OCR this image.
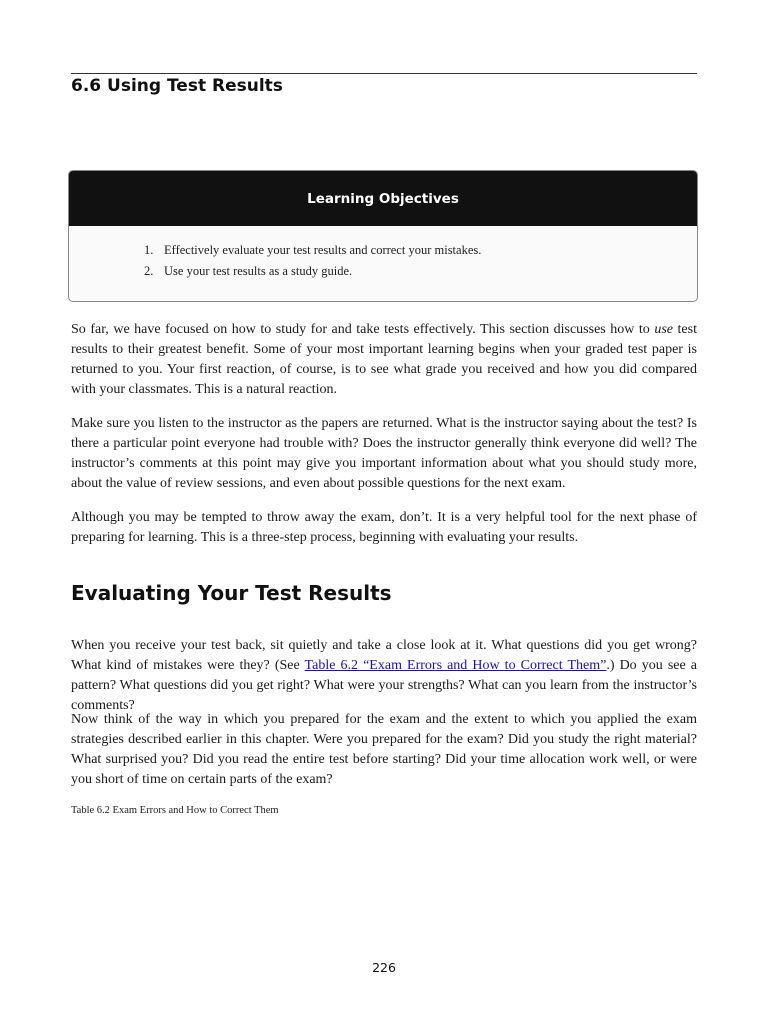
6.6 Using Test Results
Learning Objectives
1. Effectively evaluate your test results and correct your mistakes.
2. Use your test results as a study guide.

So far, we have focused on how to study for and take tests effectively. This section discusses how to use test results to their greatest benefit. Some of your most important learning begins when your graded test paper is returned to you. Your first reaction, of course, is to see what grade you received and how you did compared with your classmates. This is a natural reaction.

Make sure you listen to the instructor as the papers are returned. What is the instructor saying about the test? Is there a particular point everyone had trouble with? Does the instructor generally think everyone did well? The instructor’s comments at this point may give you important information about what you should study more, about the value of review sessions, and even about possible questions for the next exam.

Although you may be tempted to throw away the exam, don’t. It is a very helpful tool for the next phase of preparing for learning. This is a three-step process, beginning with evaluating your results.

Evaluating Your Test Results

When you receive your test back, sit quietly and take a close look at it. What questions did you get wrong? What kind of mistakes were they? (See Table 6.2 “Exam Errors and How to Correct Them”.) Do you see a pattern? What questions did you get right? What were your strengths? What can you learn from the instructor’s comments?

Now think of the way in which you prepared for the exam and the extent to which you applied the exam strategies described earlier in this chapter. Were you prepared for the exam? Did you study the right material? What surprised you? Did you read the entire test before starting? Did your time allocation work well, or were you short of time on certain parts of the exam?

Table 6.2 Exam Errors and How to Correct Them
226
